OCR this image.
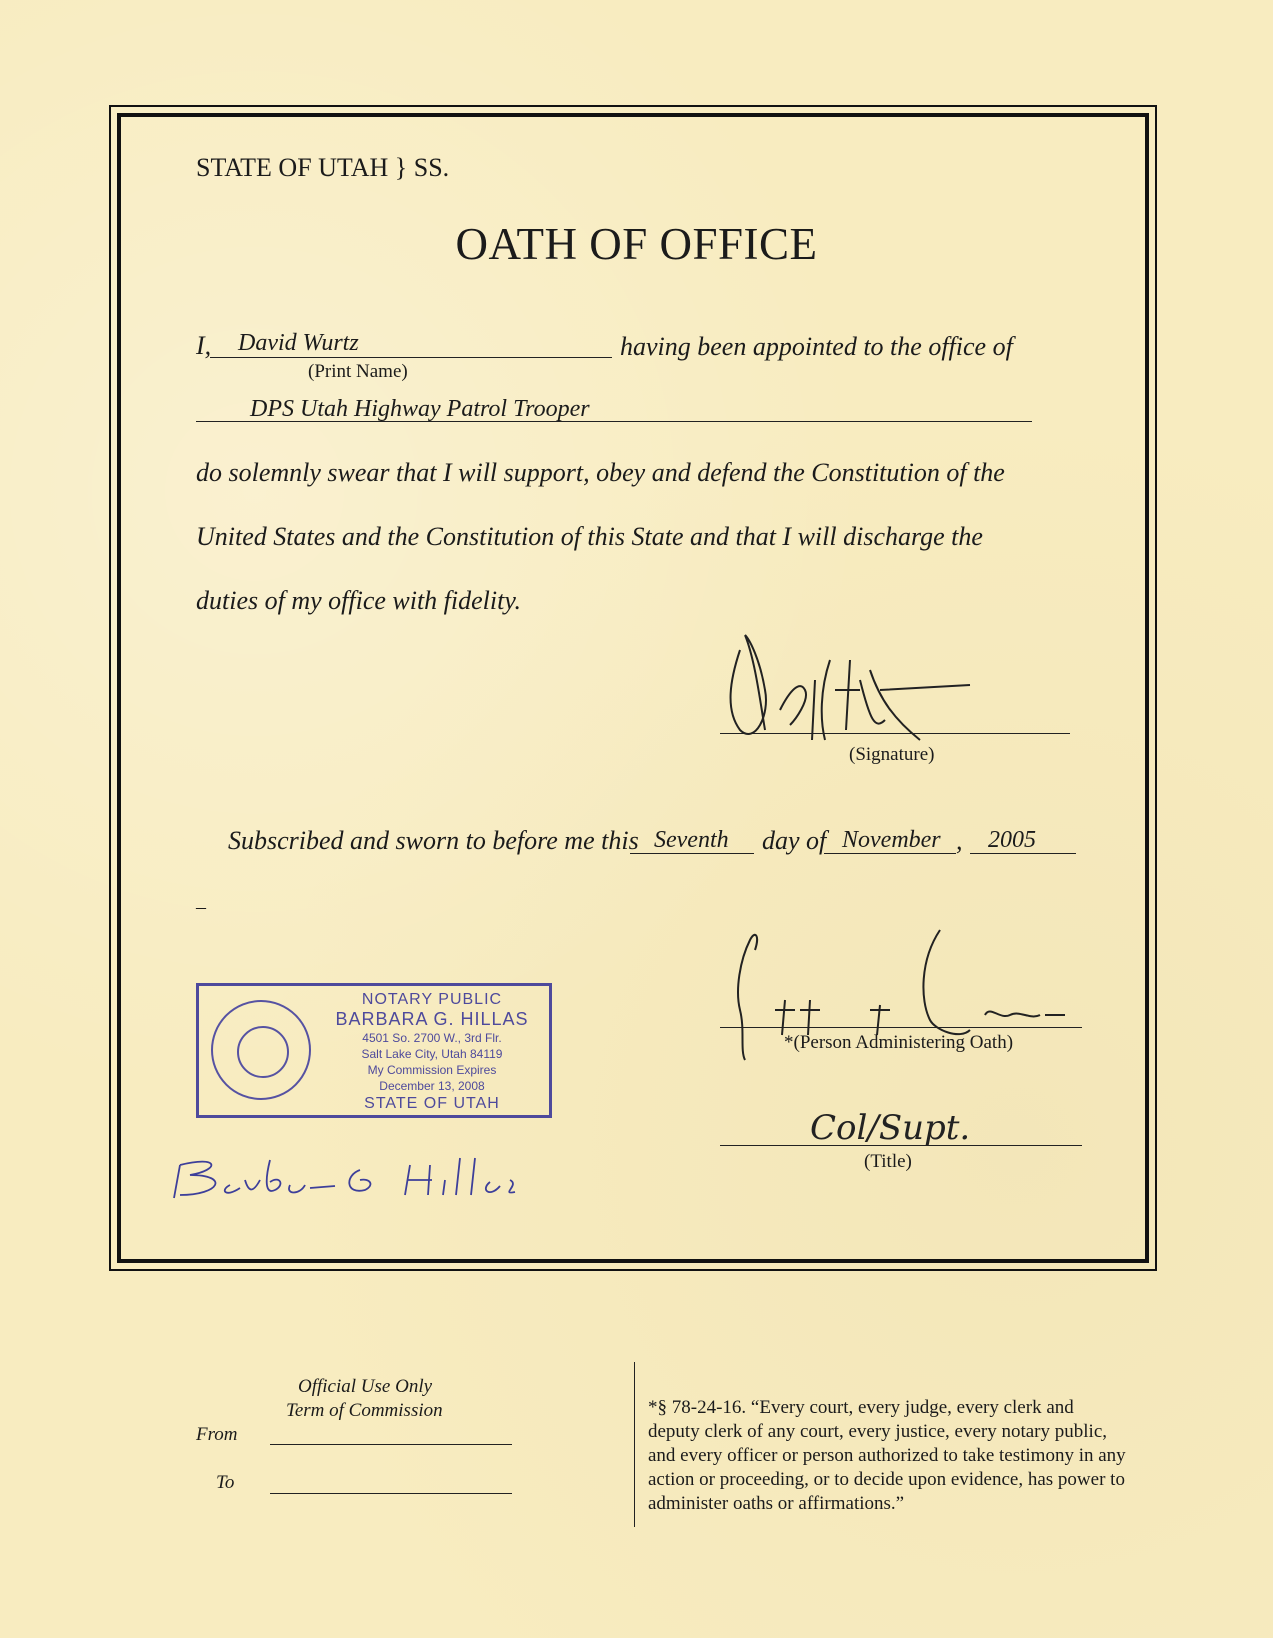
STATE OF UTAH } SS.
OATH OF OFFICE
I, David Wurtz
(Print Name)
having been appointed to the office of
DPS Utah Highway Patrol Trooper
do solemnly swear that I will support, obey and defend the Constitution of the
United States and the Constitution of this State and that I will discharge the
duties of my office with fidelity.
(Signature)
Subscribed and sworn to before me this Seventh day of November , 2005
–
NOTARY PUBLIC
BARBARA G. HILLAS
4501 So. 2700 W., 3rd Flr.
Salt Lake City, Utah 84119
My Commission Expires
December 13, 2008
STATE OF UTAH
*(Person Administering Oath)
Col/Supt.
(Title)
Official Use Only
Term of Commission
From
To
*§ 78-24-16. “Every court, every judge, every clerk and deputy clerk of any court, every justice, every notary public, and every officer or person authorized to take testimony in any action or proceeding, or to decide upon evidence, has power to administer oaths or affirmations.”
